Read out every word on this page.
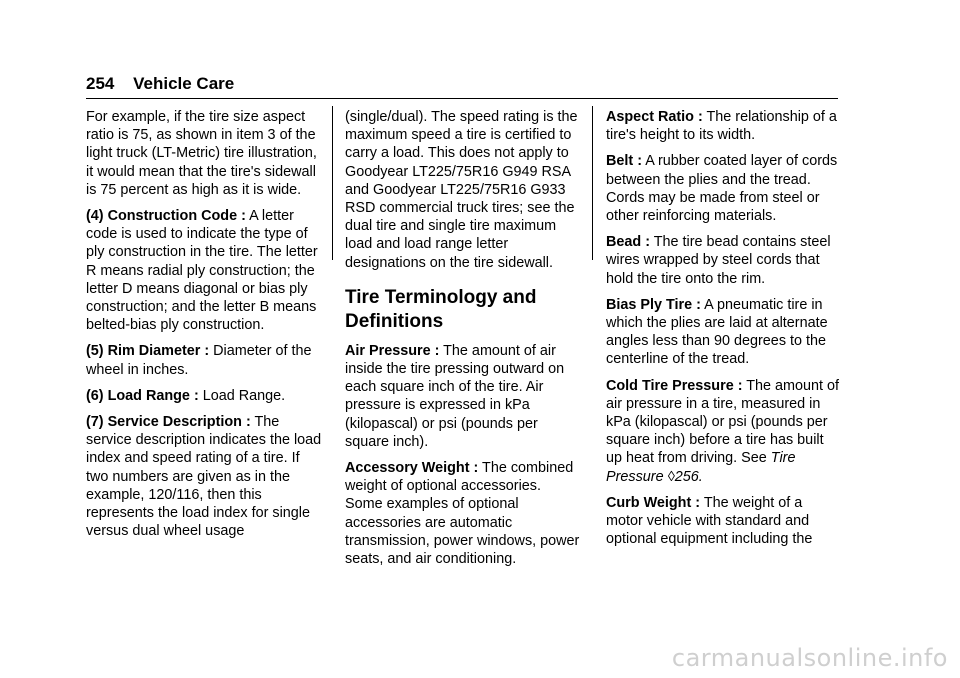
254 Vehicle Care

For example, if the tire size aspect ratio is 75, as shown in item 3 of the light truck (LT-Metric) tire illustration, it would mean that the tire's sidewall is 75 percent as high as it is wide.

(4) Construction Code : A letter code is used to indicate the type of ply construction in the tire. The letter R means radial ply construction; the letter D means diagonal or bias ply construction; and the letter B means belted-bias ply construction.

(5) Rim Diameter : Diameter of the wheel in inches.

(6) Load Range : Load Range.

(7) Service Description : The service description indicates the load index and speed rating of a tire. If two numbers are given as in the example, 120/116, then this represents the load index for single versus dual wheel usage

(single/dual). The speed rating is the maximum speed a tire is certified to carry a load. This does not apply to Goodyear LT225/75R16 G949 RSA and Goodyear LT225/75R16 G933 RSD commercial truck tires; see the dual tire and single tire maximum load and load range letter designations on the tire sidewall.

Tire Terminology and Definitions

Air Pressure : The amount of air inside the tire pressing outward on each square inch of the tire. Air pressure is expressed in kPa (kilopascal) or psi (pounds per square inch).

Accessory Weight : The combined weight of optional accessories. Some examples of optional accessories are automatic transmission, power windows, power seats, and air conditioning.

Aspect Ratio : The relationship of a tire's height to its width.

Belt : A rubber coated layer of cords between the plies and the tread. Cords may be made from steel or other reinforcing materials.

Bead : The tire bead contains steel wires wrapped by steel cords that hold the tire onto the rim.

Bias Ply Tire : A pneumatic tire in which the plies are laid at alternate angles less than 90 degrees to the centerline of the tread.

Cold Tire Pressure : The amount of air pressure in a tire, measured in kPa (kilopascal) or psi (pounds per square inch) before a tire has built up heat from driving. See Tire Pressure ◊256.

Curb Weight : The weight of a motor vehicle with standard and optional equipment including the

carmanualsonline.info
